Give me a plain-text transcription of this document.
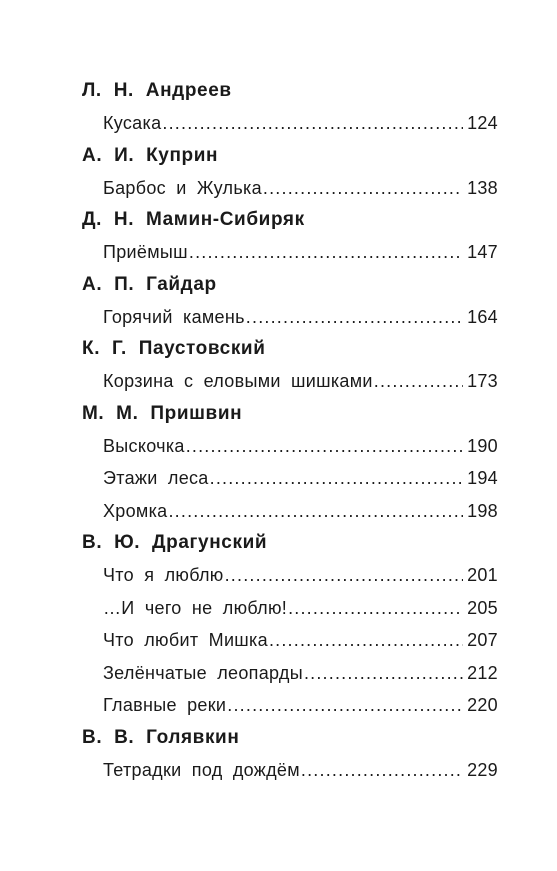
Л. Н. Андреев
Кусака .....	124
А. И. Куприн
Барбос и Жулька .....	138
Д. Н. Мамин-Сибиряк
Приёмыш .....	147
А. П. Гайдар
Горячий камень .....	164
К. Г. Паустовский
Корзина с еловыми шишками .....	173
М. М. Пришвин
Выскочка .....	190
Этажи леса .....	194
Хромка .....	198
В. Ю. Драгунский
Что я люблю .....	201
…И чего не люблю! .....	205
Что любит Мишка .....	207
Зелёнчатые леопарды .....	212
Главные реки .....	220
В. В. Голявкин
Тетрадки под дождём .....	229
